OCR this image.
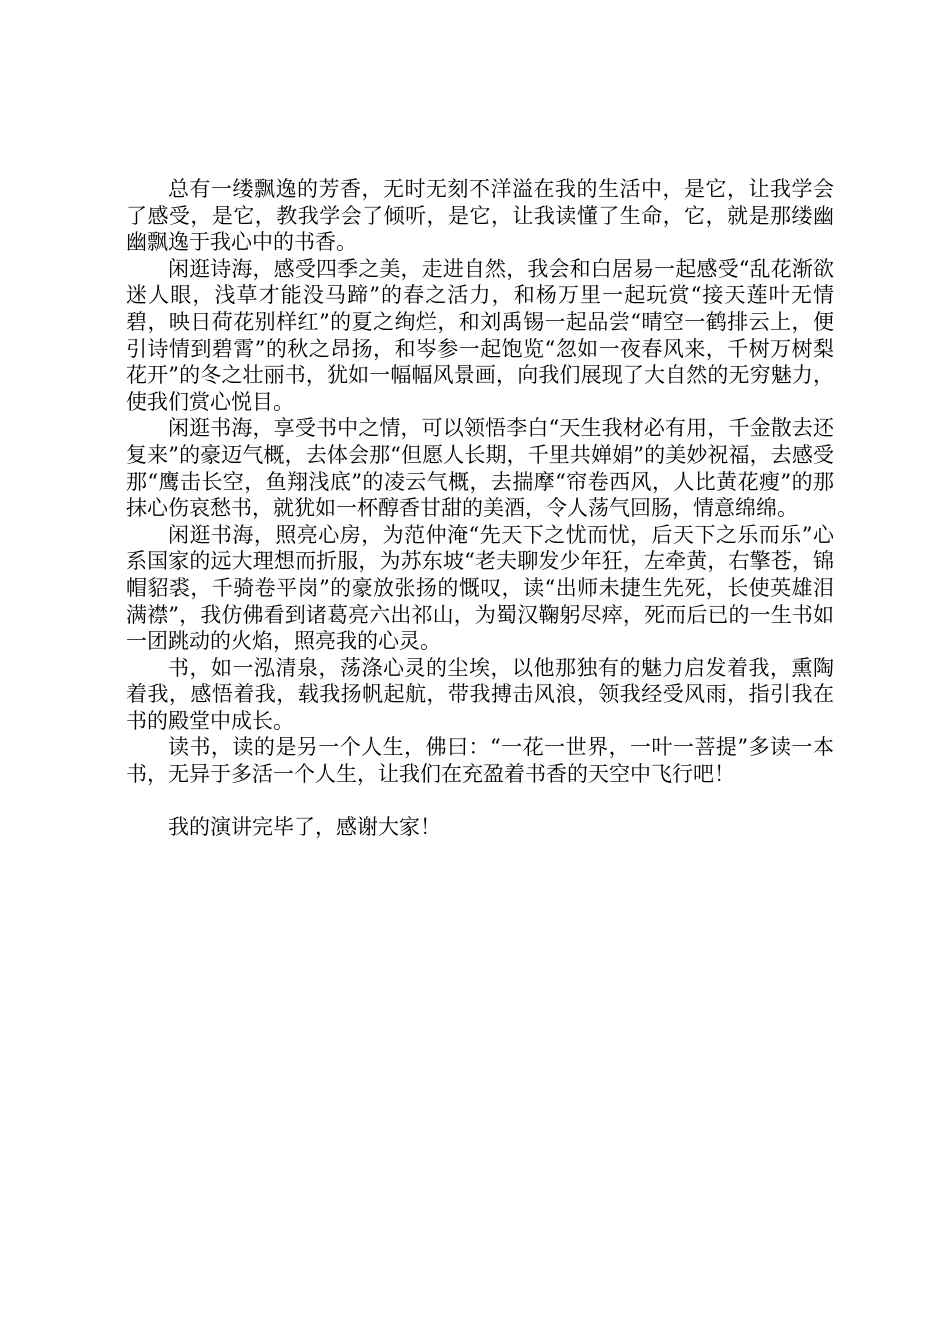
总有一缕飘逸的芳香，无时无刻不洋溢在我的生活中，是它，让我学会了感受，是它，教我学会了倾听，是它，让我读懂了生命，它，就是那缕幽幽飘逸于我心中的书香。

闲逛诗海，感受四季之美，走进自然，我会和白居易一起感受“乱花渐欲迷人眼，浅草才能没马蹄”的春之活力，和杨万里一起玩赏“接天莲叶无情碧，映日荷花别样红”的夏之绚烂，和刘禹锡一起品尝“晴空一鹤排云上，便引诗情到碧霄”的秋之昂扬，和岑参一起饱览“忽如一夜春风来，千树万树梨花开”的冬之壮丽书，犹如一幅幅风景画，向我们展现了大自然的无穷魅力，使我们赏心悦目。

闲逛书海，享受书中之情，可以领悟李白“天生我材必有用，千金散去还复来”的豪迈气概，去体会那“但愿人长期，千里共婵娟”的美妙祝福，去感受那“鹰击长空，鱼翔浅底”的凌云气概，去揣摩“帘卷西风，人比黄花瘦”的那抹心伤哀愁书，就犹如一杯醇香甘甜的美酒，令人荡气回肠，情意绵绵。

闲逛书海，照亮心房，为范仲淹“先天下之忧而忧，后天下之乐而乐”心系国家的远大理想而折服，为苏东坡“老夫聊发少年狂，左牵黄，右擎苍，锦帽貂裘，千骑卷平岗”的豪放张扬的慨叹，读“出师未捷生先死，长使英雄泪满襟”，我仿佛看到诸葛亮六出祁山，为蜀汉鞠躬尽瘁，死而后已的一生书如一团跳动的火焰，照亮我的心灵。

书，如一泓清泉，荡涤心灵的尘埃，以他那独有的魅力启发着我，熏陶着我，感悟着我，载我扬帆起航，带我搏击风浪，领我经受风雨，指引我在书的殿堂中成长。

读书，读的是另一个人生，佛曰：“一花一世界，一叶一菩提”多读一本书，无异于多活一个人生，让我们在充盈着书香的天空中飞行吧！

我的演讲完毕了，感谢大家！
